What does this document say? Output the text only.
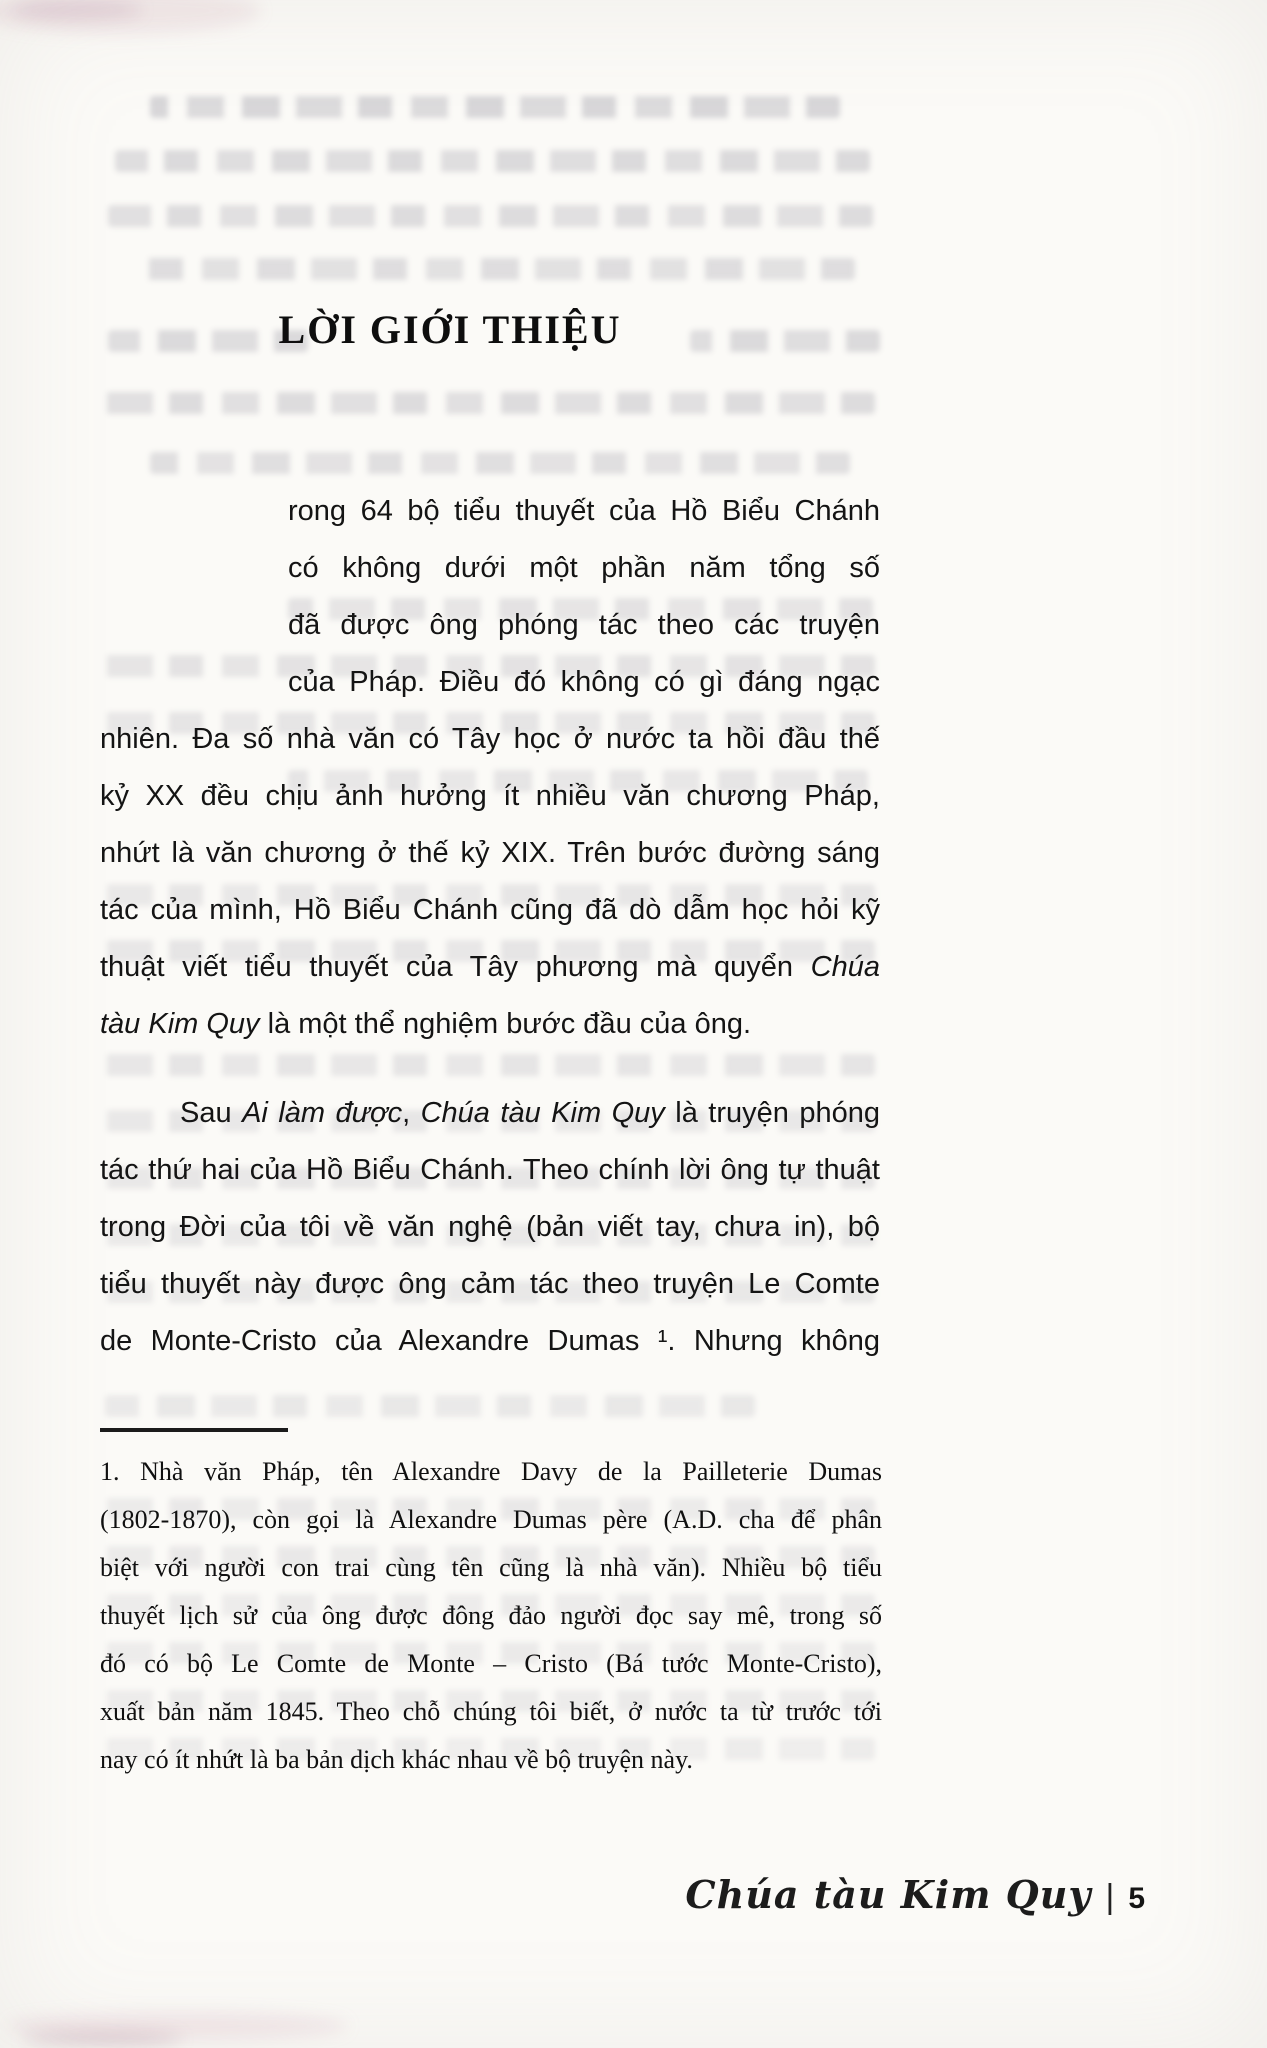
LỜI GIỚI THIỆU
rong 64 bộ tiểu thuyết của Hồ Biểu Chánh
có không dưới một phần năm tổng số
đã được ông phóng tác theo các truyện
của Pháp. Điều đó không có gì đáng ngạc
nhiên. Đa số nhà văn có Tây học ở nước ta hồi đầu thế
kỷ XX đều chịu ảnh hưởng ít nhiều văn chương Pháp,
nhứt là văn chương ở thế kỷ XIX. Trên bước đường sáng
tác của mình, Hồ Biểu Chánh cũng đã dò dẫm học hỏi kỹ
thuật viết tiểu thuyết của Tây phương mà quyển Chúa
tàu Kim Quy là một thể nghiệm bước đầu của ông.
Sau Ai làm được, Chúa tàu Kim Quy là truyện phóng
tác thứ hai của Hồ Biểu Chánh. Theo chính lời ông tự thuật
trong Đời của tôi về văn nghệ (bản viết tay, chưa in), bộ
tiểu thuyết này được ông cảm tác theo truyện Le Comte
de Monte-Cristo của Alexandre Dumas ¹. Nhưng không
1. Nhà văn Pháp, tên Alexandre Davy de la Pailleterie Dumas
(1802-1870), còn gọi là Alexandre Dumas père (A.D. cha để phân
biệt với người con trai cùng tên cũng là nhà văn). Nhiều bộ tiểu
thuyết lịch sử của ông được đông đảo người đọc say mê, trong số
đó có bộ Le Comte de Monte – Cristo (Bá tước Monte-Cristo),
xuất bản năm 1845. Theo chỗ chúng tôi biết, ở nước ta từ trước tới
nay có ít nhứt là ba bản dịch khác nhau về bộ truyện này.
Chúa tàu Kim Quy | 5
